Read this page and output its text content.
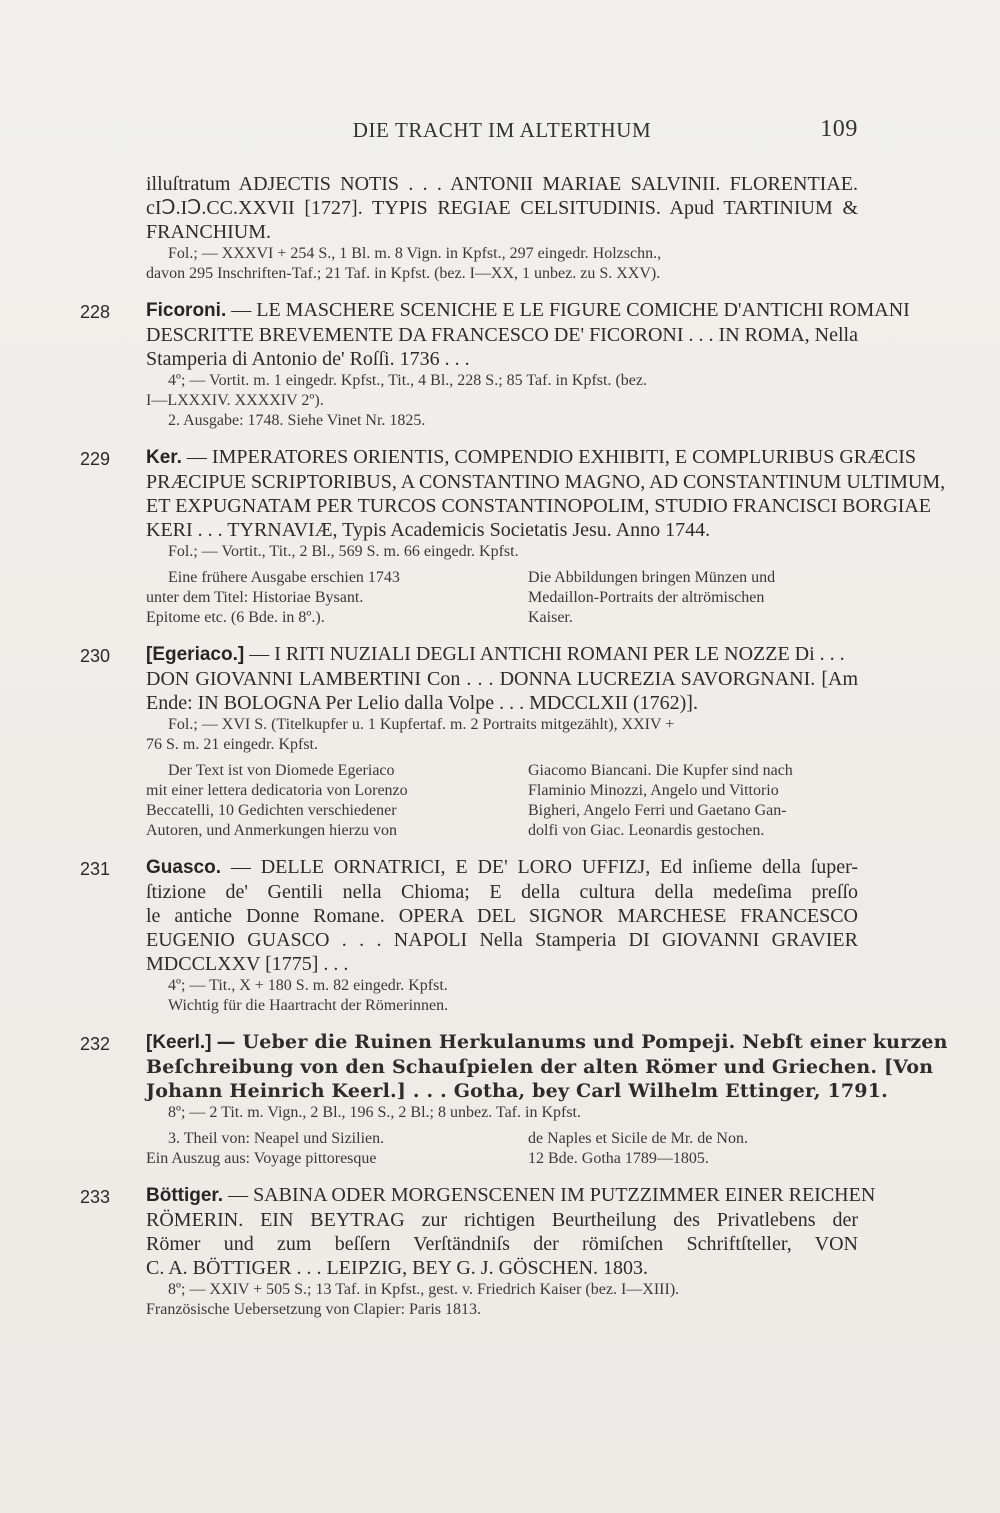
DIE TRACHT IM ALTERTHUM	109
illuſtratum ADJECTIS NOTIS . . . ANTONII MARIAE SALVINII. FLORENTIAE.
cIↃ.IↃ.CC.XXVII [1727]. TYPIS REGIAE CELSITUDINIS. Apud TARTINIUM &
FRANCHIUM.
Fol.; — XXXVI + 254 S., 1 Bl. m. 8 Vign. in Kpfst., 297 eingedr. Holzschn.,
davon 295 Inschriften-Taf.; 21 Taf. in Kpfst. (bez. I—XX, 1 unbez. zu S. XXV).
228 Ficoroni. — LE MASCHERE SCENICHE E LE FIGURE COMICHE D'ANTICHI ROMANI
DESCRITTE BREVEMENTE DA FRANCESCO DE' FICORONI . . . IN ROMA, Nella
Stamperia di Antonio de' Roſſi. 1736 . . .
4º; — Vortit. m. 1 eingedr. Kpfst., Tit., 4 Bl., 228 S.; 85 Taf. in Kpfst. (bez.
I—LXXXIV. XXXXIV 2º).
2. Ausgabe: 1748. Siehe Vinet Nr. 1825.
229 Ker. — IMPERATORES ORIENTIS, COMPENDIO EXHIBITI, E COMPLURIBUS GRÆCIS
PRÆCIPUE SCRIPTORIBUS, A CONSTANTINO MAGNO, AD CONSTANTINUM ULTIMUM,
ET EXPUGNATAM PER TURCOS CONSTANTINOPOLIM, STUDIO FRANCISCI BORGIAE
KERI . . . TYRNAVIÆ, Typis Academicis Societatis Jesu. Anno 1744.
Fol.; — Vortit., Tit., 2 Bl., 569 S. m. 66 eingedr. Kpfst.
Eine frühere Ausgabe erschien 1743
unter dem Titel: Historiae Bysant.
Epitome etc. (6 Bde. in 8º.).
Die Abbildungen bringen Münzen und
Medaillon-Portraits der altrömischen
Kaiser.
230 [Egeriaco.] — I RITI NUZIALI DEGLI ANTICHI ROMANI PER LE NOZZE Di . . .
DON GIOVANNI LAMBERTINI Con . . . DONNA LUCREZIA SAVORGNANI. [Am
Ende: IN BOLOGNA Per Lelio dalla Volpe . . . MDCCLXII (1762)].
Fol.; — XVI S. (Titelkupfer u. 1 Kupfertaf. m. 2 Portraits mitgezählt), XXIV +
76 S. m. 21 eingedr. Kpfst.
Der Text ist von Diomede Egeriaco
mit einer lettera dedicatoria von Lorenzo
Beccatelli, 10 Gedichten verschiedener
Autoren, und Anmerkungen hierzu von
Giacomo Biancani. Die Kupfer sind nach
Flaminio Minozzi, Angelo und Vittorio
Bigheri, Angelo Ferri und Gaetano Gan-
dolfi von Giac. Leonardis gestochen.
231 Guasco. — DELLE ORNATRICI, E DE' LORO UFFIZJ, Ed inſieme della ſuper-
ſtizione de' Gentili nella Chioma; E della cultura della medeſima preſſo
le antiche Donne Romane. OPERA DEL SIGNOR MARCHESE FRANCESCO
EUGENIO GUASCO . . . NAPOLI Nella Stamperia DI GIOVANNI GRAVIER
MDCCLXXV [1775] . . .
4º; — Tit., X + 180 S. m. 82 eingedr. Kpfst.
Wichtig für die Haartracht der Römerinnen.
232 [Keerl.] — Ueber die Ruinen Herkulanums und Pompeji. Nebſt einer kurzen
Beſchreibung von den Schauſpielen der alten Römer und Griechen. [Von
Johann Heinrich Keerl.] . . . Gotha, bey Carl Wilhelm Ettinger, 1791.
8º; — 2 Tit. m. Vign., 2 Bl., 196 S., 2 Bl.; 8 unbez. Taf. in Kpfst.
3. Theil von: Neapel und Sizilien.
Ein Auszug aus: Voyage pittoresque
de Naples et Sicile de Mr. de Non.
12 Bde. Gotha 1789—1805.
233 Böttiger. — SABINA ODER MORGENSCENEN IM PUTZZIMMER EINER REICHEN
RÖMERIN. EIN BEYTRAG zur richtigen Beurtheilung des Privatlebens der
Römer und zum beſſern Verſtändniſs der römiſchen Schriftſteller, VON
C. A. BÖTTIGER . . . LEIPZIG, BEY G. J. GÖSCHEN. 1803.
8º; — XXIV + 505 S.; 13 Taf. in Kpfst., gest. v. Friedrich Kaiser (bez. I—XIII).
Französische Uebersetzung von Clapier: Paris 1813.
